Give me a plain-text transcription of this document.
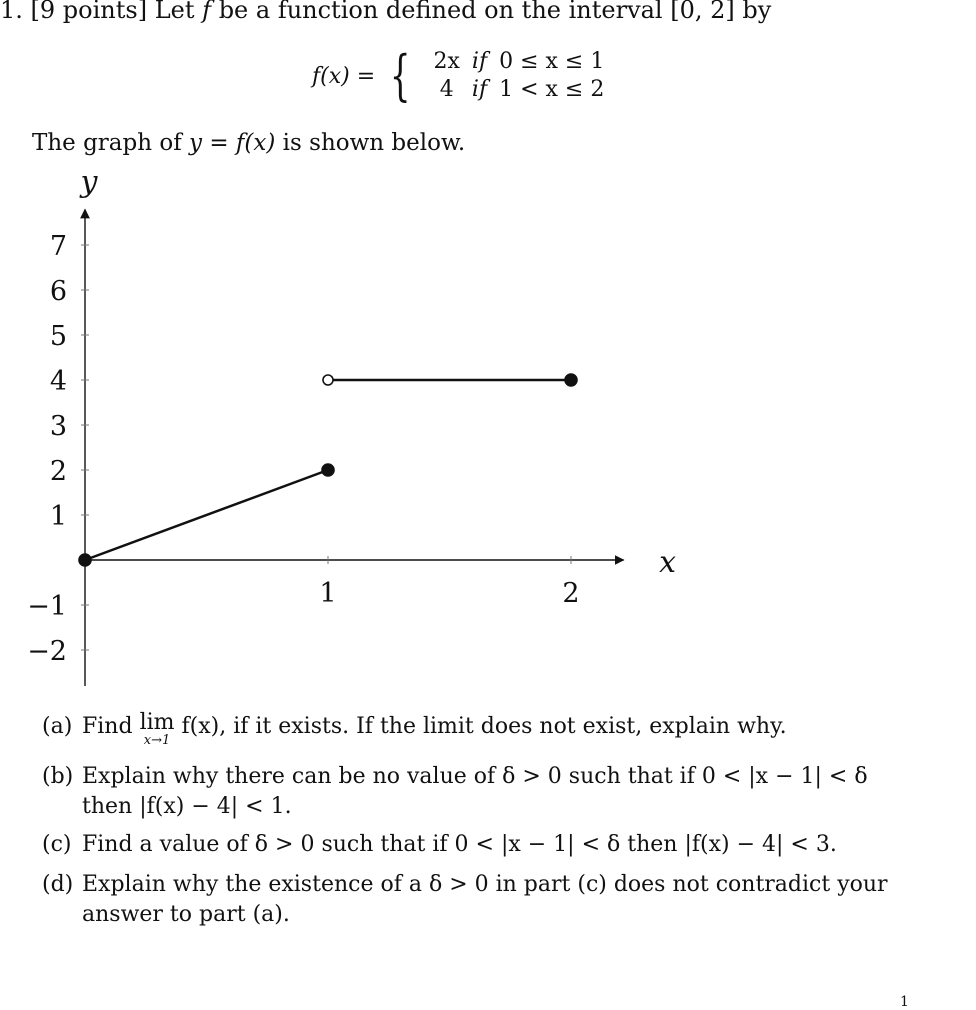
1. [9 points] Let f be a function defined on the interval [0, 2] by
f(x) = { 2x	if	0 ≤ x ≤ 1
4	if	1 < x ≤ 2
The graph of y = f(x) is shown below.
y
x
7
6
5
4
3
2
1
−1
−2
1	2
(a) Find lim
x→1
f(x), if it exists. If the limit does not exist, explain why.
(b) Explain why there can be no value of δ > 0 such that if 0 < |x − 1| < δ then |f(x) − 4| < 1.
(c) Find a value of δ > 0 such that if 0 < |x − 1| < δ then |f(x) − 4| < 3.
(d) Explain why the existence of a δ > 0 in part (c) does not contradict your answer to part (a).
1
